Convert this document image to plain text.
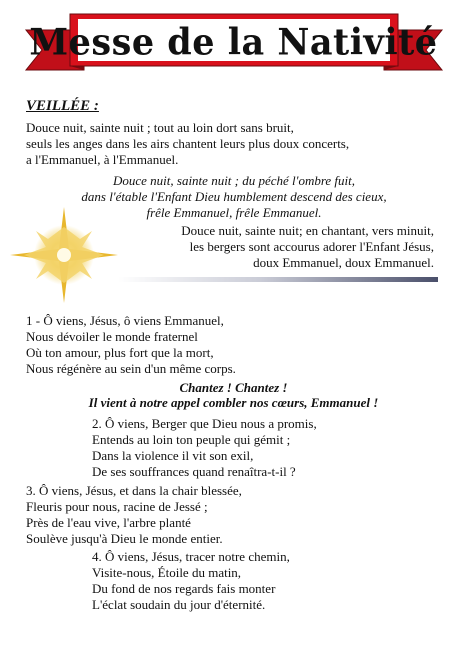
Messe de la Nativité
VEILLÉE :
Douce nuit, sainte nuit ; tout au loin dort sans bruit,
seuls les anges dans les airs chantent leurs plus doux concerts,
a l'Emmanuel, à l'Emmanuel.
Douce nuit, sainte nuit ; du péché l'ombre fuit,
dans l'étable l'Enfant Dieu humblement descend des cieux,
frêle Emmanuel, frêle Emmanuel.
Douce nuit, sainte nuit; en chantant, vers minuit,
les bergers sont accourus adorer l'Enfant Jésus,
doux Emmanuel, doux Emmanuel.
1 - Ô viens, Jésus, ô viens Emmanuel,
Nous dévoiler le monde fraternel
Où ton amour, plus fort que la mort,
Nous régénère au sein d'un même corps.
Chantez ! Chantez !
Il vient à notre appel combler nos cœurs, Emmanuel !
2. Ô viens, Berger que Dieu nous a promis,
Entends au loin ton peuple qui gémit ;
Dans la violence il vit son exil,
De ses souffrances quand renaîtra-t-il ?
3. Ô viens, Jésus, et dans la chair blessée,
Fleuris pour nous, racine de Jessé ;
Près de l'eau vive, l'arbre planté
Soulève jusqu'à Dieu le monde entier.
4. Ô viens, Jésus, tracer notre chemin,
Visite-nous, Étoile du matin,
Du fond de nos regards fais monter
L'éclat soudain du jour d'éternité.
